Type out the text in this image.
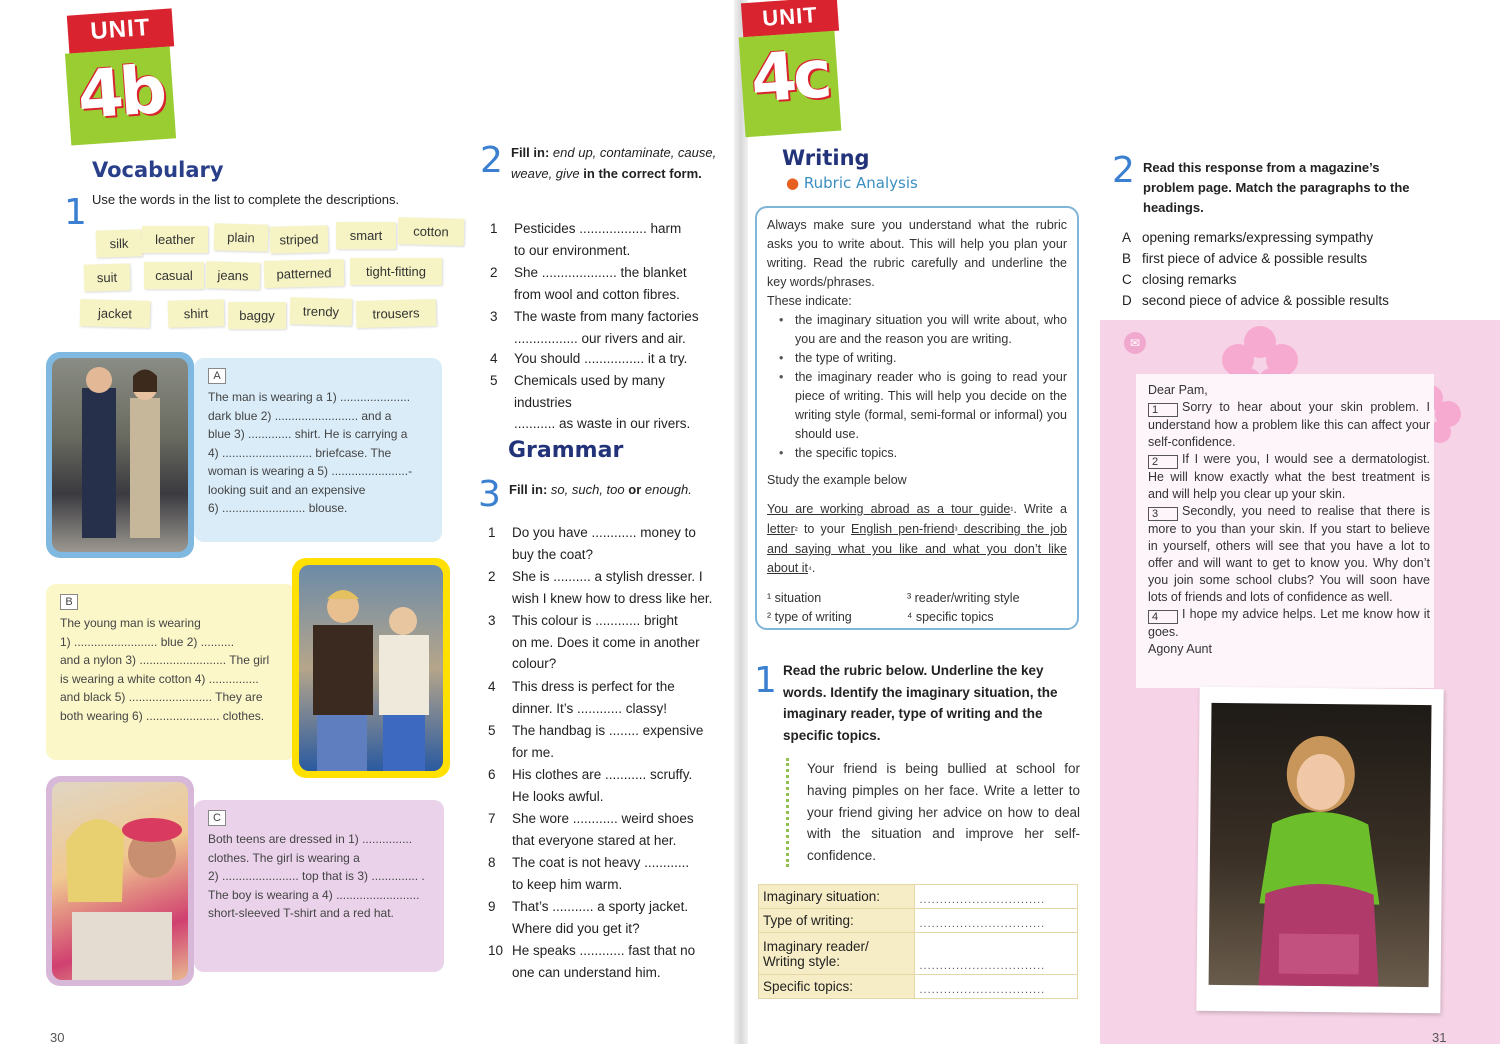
UNIT
4b
Vocabulary
1 Use the words in the list to complete the descriptions.
silk	leather	plain	striped	smart	cotton
suit	casual	jeans	patterned	tight-fitting
jacket	shirt	baggy	trendy	trousers
A
The man is wearing a 1) .....................
dark blue 2) ......................... and a
blue 3) ............. shirt. He is carrying a
4) ........................... briefcase. The
woman is wearing a 5) .......................-
looking suit and an expensive
6) ......................... blouse.
B
The young man is wearing
1) ......................... blue 2) ..........
and a nylon 3) .......................... The girl
is wearing a white cotton 4) ...............
and black 5) ......................... They are
both wearing 6) ...................... clothes.
C
Both teens are dressed in 1) ...............
clothes. The girl is wearing a
2) ....................... top that is 3) .............. .
The boy is wearing a 4) .........................
short-sleeved T-shirt and a red hat.
30
2 Fill in: end up, contaminate, cause, weave, give in the correct form.
1	Pesticides .................. harm
to our environment.
2	She .................... the blanket
from wool and cotton fibres.
3	The waste from many factories
................. our rivers and air.
4	You should ................ it a try.
5	Chemicals used by many industries
........... as waste in our rivers.
Grammar
3 Fill in: so, such, too or enough.
1	Do you have ............ money to
buy the coat?
2	She is .......... a stylish dresser. I
wish I knew how to dress like her.
3	This colour is ............ bright
on me. Does it come in another
colour?
4	This dress is perfect for the
dinner. It’s ............ classy!
5	The handbag is ........ expensive
for me.
6	His clothes are ........... scruffy.
He looks awful.
7	She wore ............ weird shoes
that everyone stared at her.
8	The coat is not heavy ............
to keep him warm.
9	That’s ........... a sporty jacket.
Where did you get it?
10 He speaks ............ fast that no
one can understand him.
UNIT
4c
Writing
● Rubric Analysis
Always make sure you understand what the rubric asks you to write about. This will help you plan your writing. Read the rubric carefully and underline the key words/phrases.
These indicate:
• the imaginary situation you will write about, who you are and the reason you are writing.
• the type of writing.
• the imaginary reader who is going to read your piece of writing. This will help you decide on the writing style (formal, semi-formal or informal) you should use.
• the specific topics.
Study the example below
You are working abroad as a tour guide¹. Write a letter² to your English pen-friend³ describing the job and saying what you like and what you don’t like about it⁴.
¹ situation	³ reader/writing style
² type of writing	⁴ specific topics
1 Read the rubric below. Underline the key words. Identify the imaginary situation, the imaginary reader, type of writing and the specific topics.
Your friend is being bullied at school for having pimples on her face. Write a letter to your friend giving her advice on how to deal with the situation and improve her self-confidence.
Imaginary situation:	...............................
Type of writing:	...............................
Imaginary reader/ Writing style:	...............................
Specific topics:	...............................
2 Read this response from a magazine’s problem page. Match the paragraphs to the headings.
A opening remarks/expressing sympathy
B first piece of advice & possible results
C closing remarks
D second piece of advice & possible results
✉
Dear Pam,
1 Sorry to hear about your skin problem. I understand how a problem like this can affect your self-confidence.
2 If I were you, I would see a dermatologist. He will know exactly what the best treatment is and will help you clear up your skin.
3 Secondly, you need to realise that there is more to you than your skin. If you start to believe in yourself, others will see that you have a lot to offer and will want to get to know you. Why don’t you join some school clubs? You will soon have lots of friends and lots of confidence as well.
4 I hope my advice helps. Let me know how it goes.
Agony Aunt
31
